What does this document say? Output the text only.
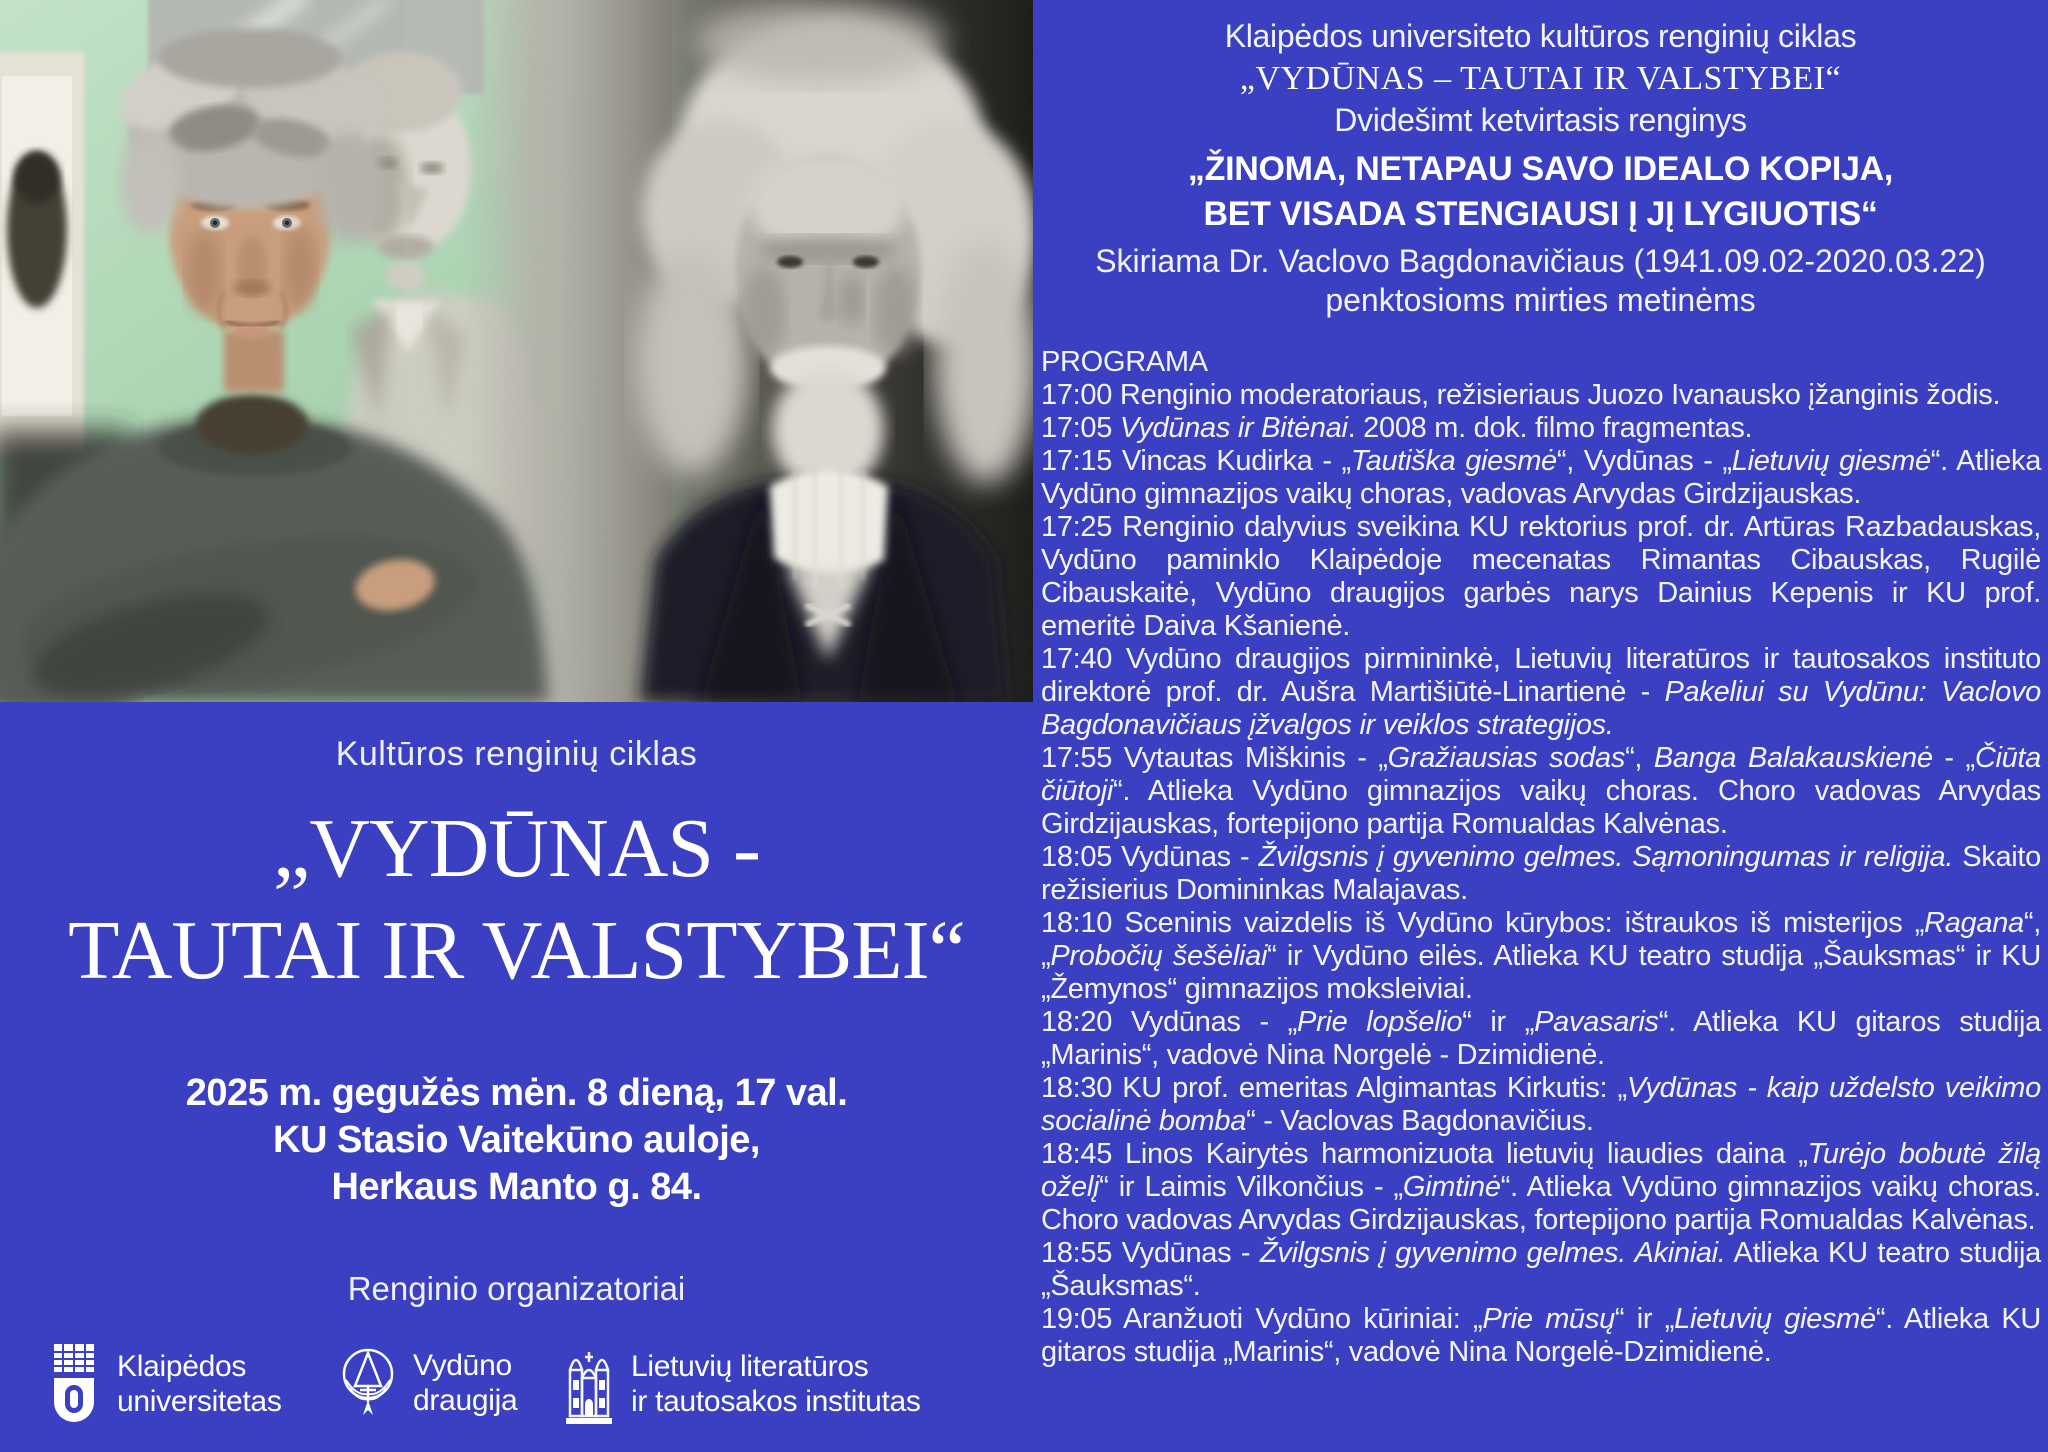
Kultūros renginių ciklas
„VYDŪNAS -
TAUTAI IR VALSTYBEI“
2025 m. gegužės mėn. 8 dieną, 17 val.
KU Stasio Vaitekūno auloje,
Herkaus Manto g. 84.
Renginio organizatoriai
Klaipėdos
universitetas
Vydūno
draugija
Lietuvių literatūros
ir tautosakos institutas
Klaipėdos universiteto kultūros renginių ciklas
„VYDŪNAS – TAUTAI IR VALSTYBEI“
Dvidešimt ketvirtasis renginys
„ŽINOMA, NETAPAU SAVO IDEALO KOPIJA,
BET VISADA STENGIAUSI Į JĮ LYGIUOTIS“
Skiriama Dr. Vaclovo Bagdonavičiaus (1941.09.02-2020.03.22)
penktosioms mirties metinėms
PROGRAMA

17:00 Renginio moderatoriaus, režisieriaus Juozo Ivanausko įžanginis žodis.

17:05 Vydūnas ir Bitėnai. 2008 m. dok. filmo fragmentas.

17:15 Vincas Kudirka - „Tautiška giesmė“, Vydūnas - „Lietuvių giesmė“. Atlieka Vydūno gimnazijos vaikų choras, vadovas Arvydas Girdzijauskas.

17:25 Renginio dalyvius sveikina KU rektorius prof. dr. Artūras Razbadauskas, Vydūno paminklo Klaipėdoje mecenatas Rimantas Cibauskas, Rugilė Cibauskaitė, Vydūno draugijos garbės narys Dainius Kepenis ir KU prof. emeritė Daiva Kšanienė.

17:40 Vydūno draugijos pirmininkė, Lietuvių literatūros ir tautosakos instituto direktorė prof. dr. Aušra Martišiūtė-Linartienė - Pakeliui su Vydūnu: Vaclovo Bagdonavičiaus įžvalgos ir veiklos strategijos.

17:55 Vytautas Miškinis - „Gražiausias sodas“, Banga Balakauskienė - „Čiūta čiūtoji“. Atlieka Vydūno gimnazijos vaikų choras. Choro vadovas Arvydas Girdzijauskas, fortepijono partija Romualdas Kalvėnas.

18:05 Vydūnas - Žvilgsnis į gyvenimo gelmes. Sąmoningumas ir religija. Skaito režisierius Domininkas Malajavas.

18:10 Sceninis vaizdelis iš Vydūno kūrybos: ištraukos iš misterijos „Ragana“, „Probočių šešėliai“ ir Vydūno eilės. Atlieka KU teatro studija „Šauksmas“ ir KU „Žemynos“ gimnazijos moksleiviai.

18:20 Vydūnas - „Prie lopšelio“ ir „Pavasaris“. Atlieka KU gitaros studija „Marinis“, vadovė Nina Norgelė - Dzimidienė.

18:30 KU prof. emeritas Algimantas Kirkutis: „Vydūnas - kaip uždelsto veikimo socialinė bomba“ - Vaclovas Bagdonavičius.

18:45 Linos Kairytės harmonizuota lietuvių liaudies daina „Turėjo bobutė žilą oželį“ ir Laimis Vilkončius - „Gimtinė“. Atlieka Vydūno gimnazijos vaikų choras. Choro vadovas Arvydas Girdzijauskas, fortepijono partija Romualdas Kalvėnas.

18:55 Vydūnas - Žvilgsnis į gyvenimo gelmes. Akiniai. Atlieka KU teatro studija „Šauksmas“.

19:05 Aranžuoti Vydūno kūriniai: „Prie mūsų“ ir „Lietuvių giesmė“. Atlieka KU gitaros studija „Marinis“, vadovė Nina Norgelė-Dzimidienė.
